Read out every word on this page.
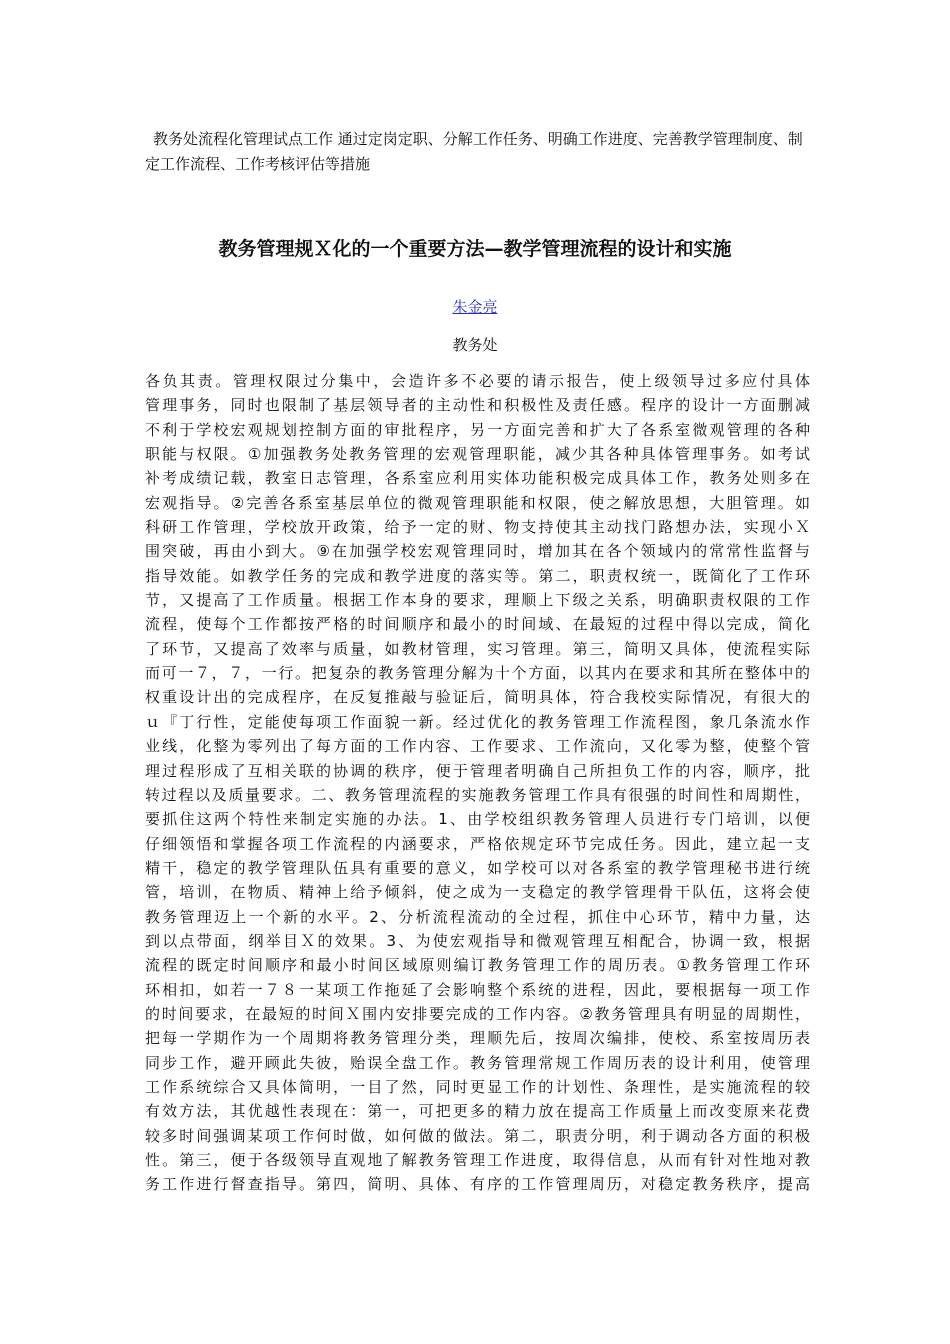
教务处流程化管理试点工作 通过定岗定职、分解工作任务、明确工作进度、完善教学管理制度、制定工作流程、工作考核评估等措施

教务管理规Ｘ化的一个重要方法—教学管理流程的设计和实施
朱金亮
教务处
各负其责。管理权限过分集中，会造许多不必要的请示报告，使上级领导过多应付具体
管理事务，同时也限制了基层领导者的主动性和积极性及责任感。程序的设计一方面删减
不利于学校宏观规划控制方面的审批程序，另一方面完善和扩大了各系室微观管理的各种
职能与权限。①加强教务处教务管理的宏观管理职能，减少其各种具体管理事务。如考试
补考成绩记载，教室日志管理，各系室应利用实体功能积极完成具体工作，教务处则多在
宏观指导。②完善各系室基层单位的微观管理职能和权限，使之解放思想，大胆管理。如
科研工作管理，学校放开政策，给予一定的财、物支持使其主动找门路想办法，实现小Ｘ
围突破，再由小到大。⑨在加强学校宏观管理同时，增加其在各个领域内的常常性监督与
指导效能。如教学任务的完成和教学进度的落实等。第二，职责权统一，既简化了工作环
节，又提高了工作质量。根据工作本身的要求，理顺上下级之关系，明确职责权限的工作
流程，使每个工作都按严格的时间顺序和最小的时间域、在最短的过程中得以完成，简化
了环节，又提高了效率与质量，如教材管理，实习管理。第三，简明又具体，使流程实际
而可一７，７，一行。把复杂的教务管理分解为十个方面，以其内在要求和其所在整体中的
权重设计出的完成程序，在反复推敲与验证后，简明具体，符合我校实际情况，有很大的
ｕ『丁行性，定能使每项工作面貌一新。经过优化的教务管理工作流程图，象几条流水作
业线，化整为零列出了每方面的工作内容、工作要求、工作流向，又化零为整，使整个管
理过程形成了互相关联的协调的秩序，便于管理者明确自己所担负工作的内容，顺序，批
转过程以及质量要求。二、教务管理流程的实施教务管理工作具有很强的时间性和周期性，
要抓住这两个特性来制定实施的办法。1、由学校组织教务管理人员进行专门培训，以便
仔细领悟和掌握各项工作流程的内涵要求，严格依规定环节完成任务。因此，建立起一支
精干，稳定的教学管理队伍具有重要的意义，如学校可以对各系室的教学管理秘书进行统
管，培训，在物质、精神上给予倾斜，使之成为一支稳定的教学管理骨干队伍，这将会使
教务管理迈上一个新的水平。2、分析流程流动的全过程，抓住中心环节，精中力量，达
到以点带面，纲举目Ｘ的效果。3、为使宏观指导和微观管理互相配合，协调一致，根据
流程的既定时间顺序和最小时间区域原则编订教务管理工作的周历表。①教务管理工作环
环相扣，如若一７８一某项工作拖延了会影响整个系统的进程，因此，要根据每一项工作
的时间要求，在最短的时间Ｘ围内安排要完成的工作内容。②教务管理具有明显的周期性，
把每一学期作为一个周期将教务管理分类，理顺先后，按周次编排，使校、系室按周历表
同步工作，避开顾此失彼，贻误全盘工作。教务管理常规工作周历表的设计利用，使管理
工作系统综合又具体简明，一目了然，同时更显工作的计划性、条理性，是实施流程的较
有效方法，其优越性表现在：第一，可把更多的精力放在提高工作质量上而改变原来花费
较多时间强调某项工作何时做，如何做的做法。第二，职责分明，利于调动各方面的积极
性。第三，便于各级领导直观地了解教务管理工作进度，取得信息，从而有针对性地对教
务工作进行督查指导。第四，简明、具体、有序的工作管理周历，对稳定教务秩序，提高
